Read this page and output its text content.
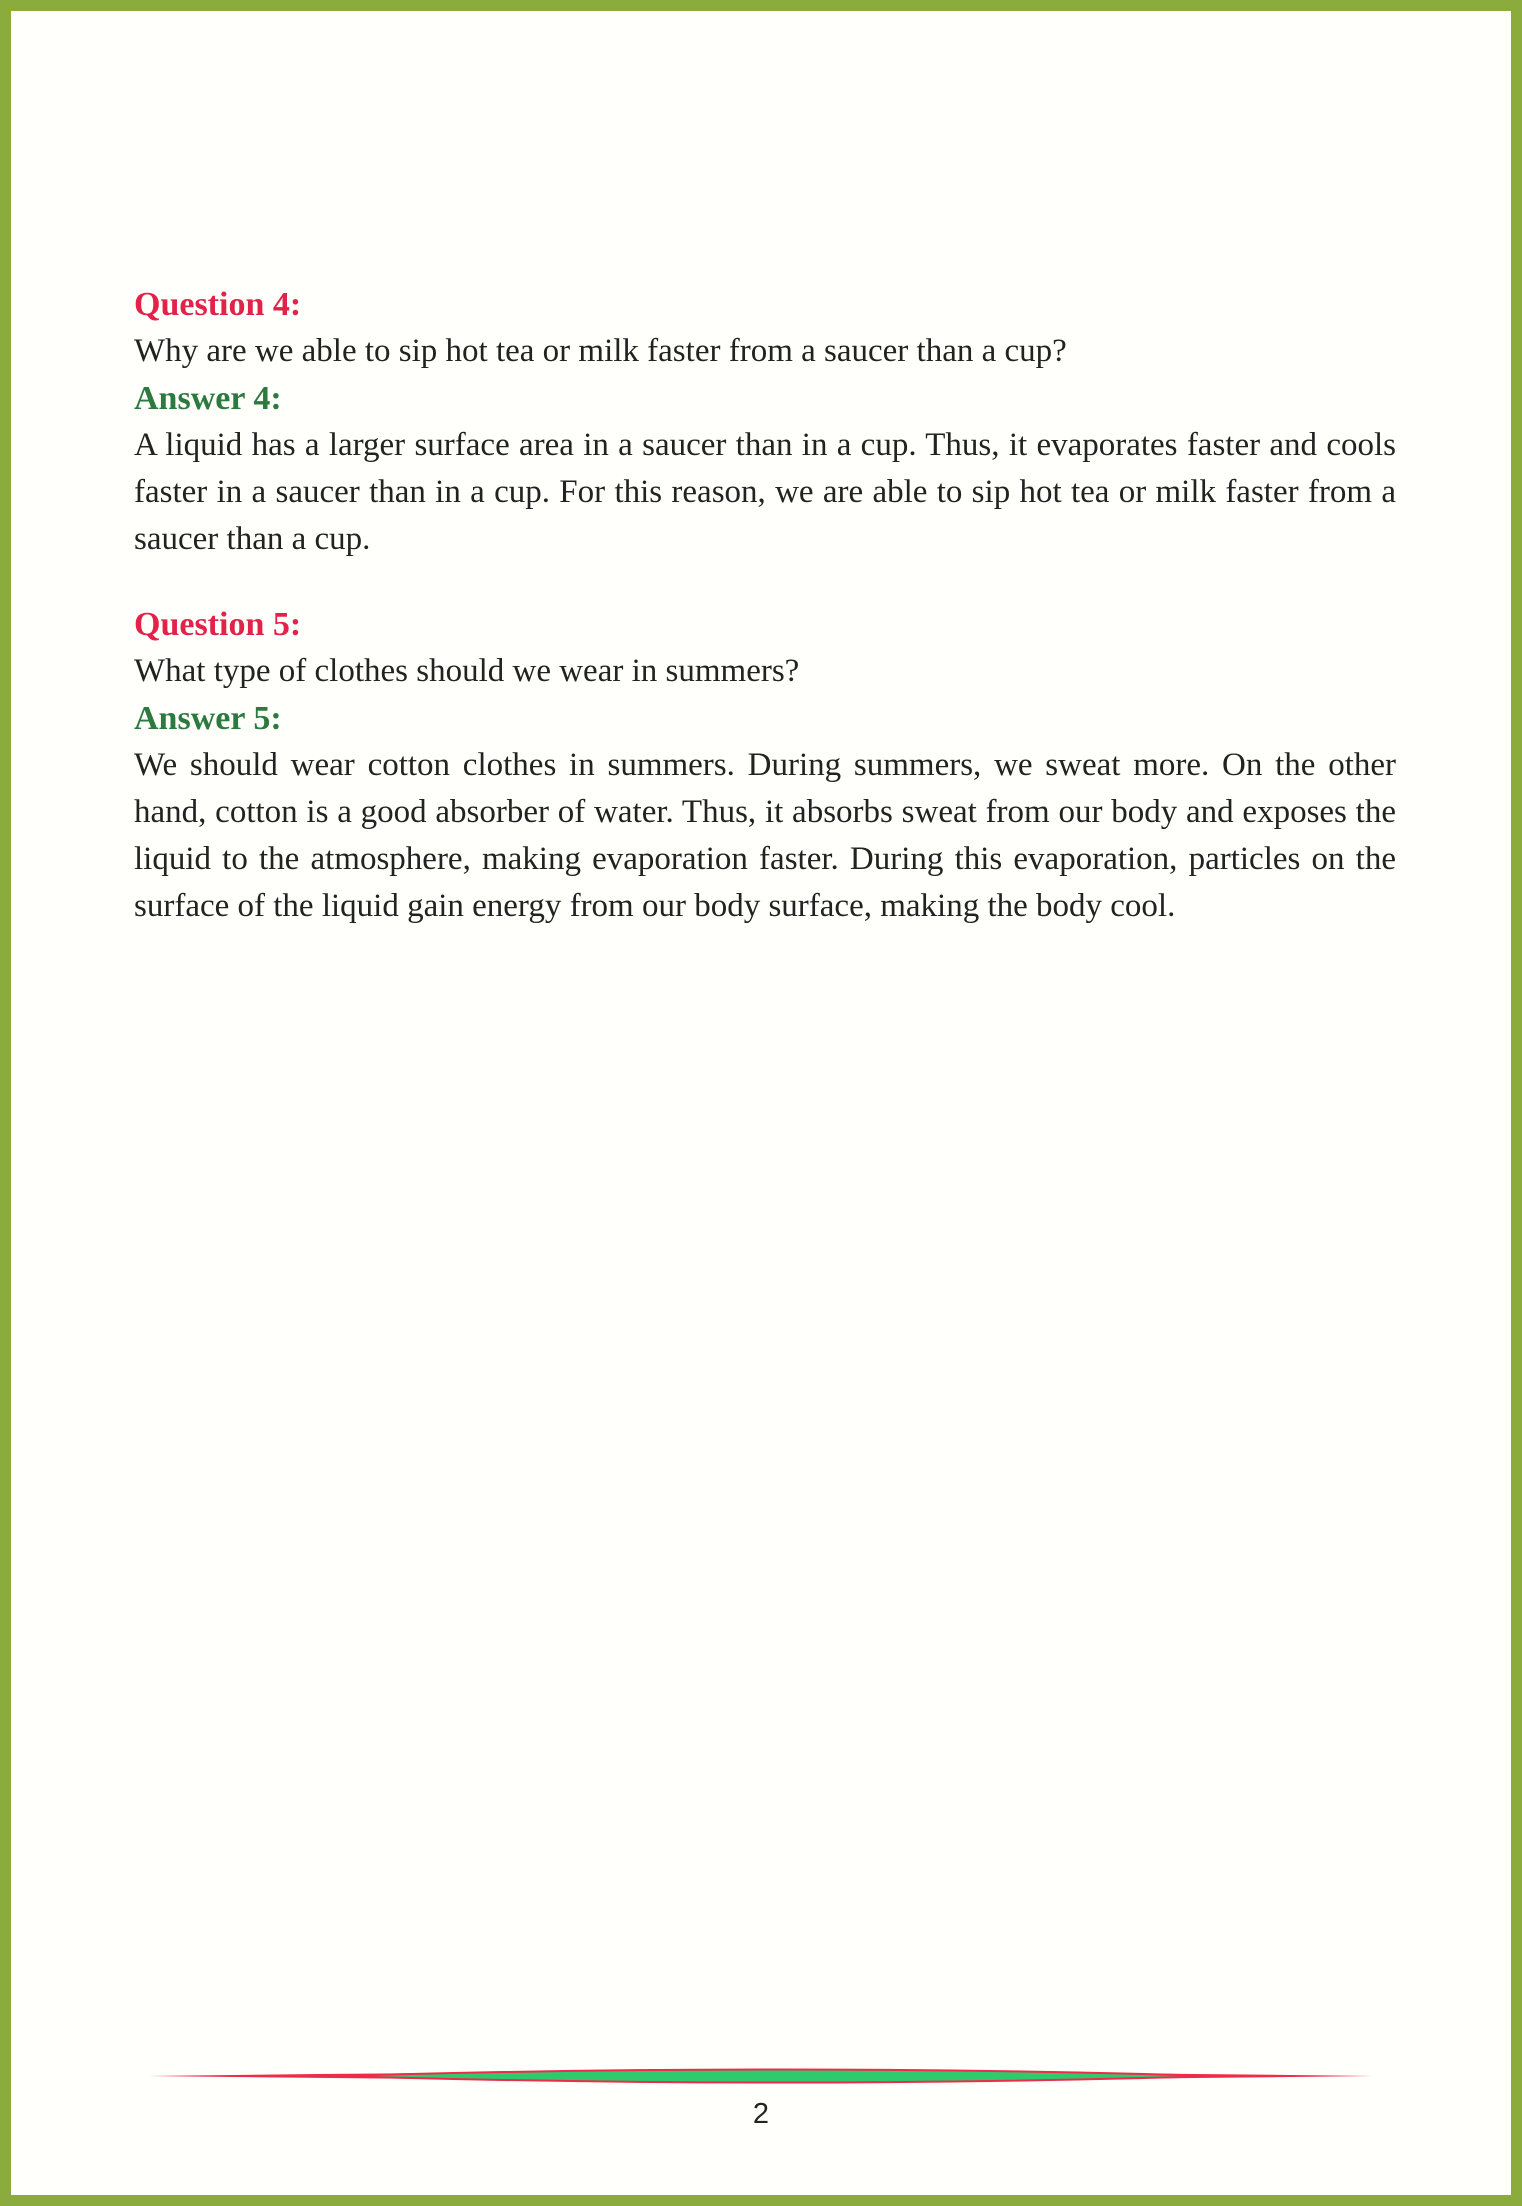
Question 4:

Why are we able to sip hot tea or milk faster from a saucer than a cup?

Answer 4:

A liquid has a larger surface area in a saucer than in a cup. Thus, it evaporates faster and cools faster in a saucer than in a cup. For this reason, we are able to sip hot tea or milk faster from a saucer than a cup.

Question 5:

What type of clothes should we wear in summers?

Answer 5:

We should wear cotton clothes in summers. During summers, we sweat more. On the other hand, cotton is a good absorber of water. Thus, it absorbs sweat from our body and exposes the liquid to the atmosphere, making evaporation faster. During this evaporation, particles on the surface of the liquid gain energy from our body surface, making the body cool.

2
